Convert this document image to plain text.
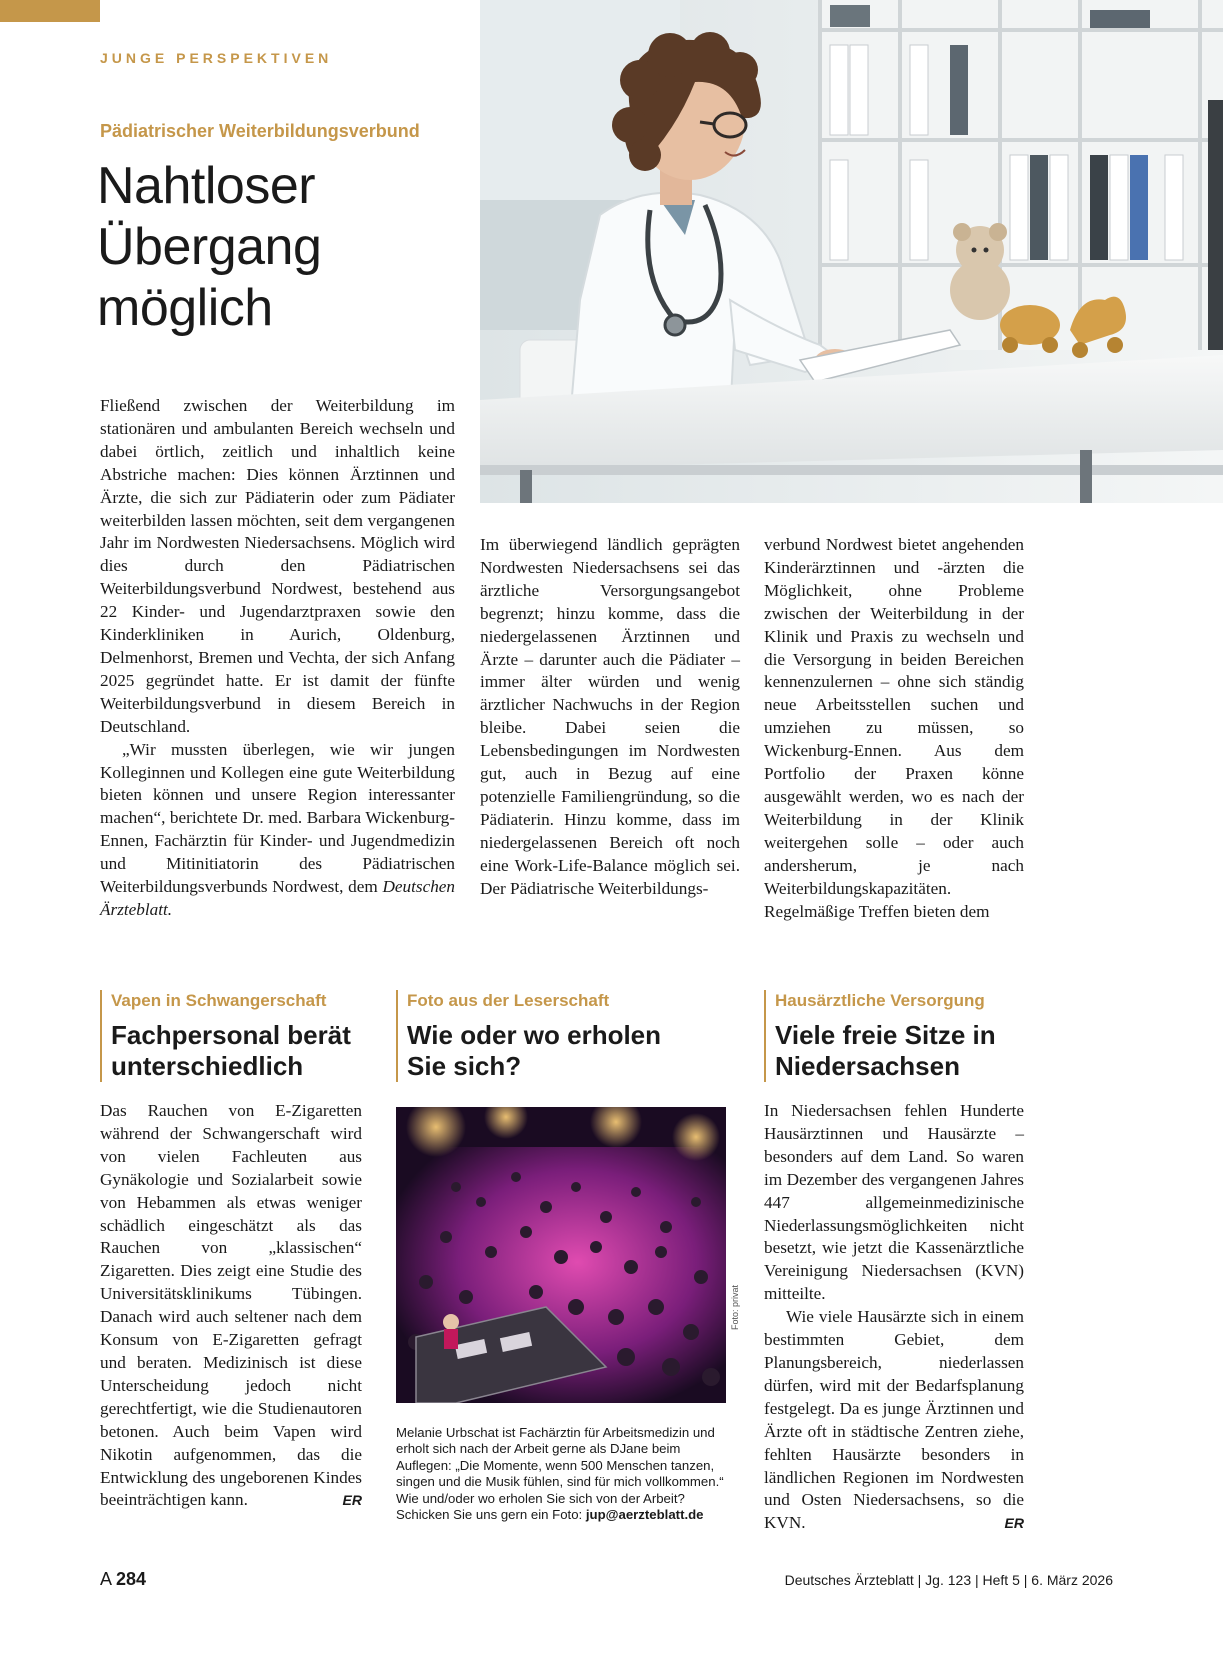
JUNGE PERSPEKTIVEN
Pädiatrischer Weiterbildungsverbund
Nahtloser
Übergang
möglich

Fließend zwischen der Weiterbildung im stationären und ambulanten Bereich wechseln und dabei örtlich, zeitlich und inhaltlich keine Abstriche machen: Dies können Ärztinnen und Ärzte, die sich zur Pädiaterin oder zum Pädiater weiterbilden lassen möchten, seit dem vergangenen Jahr im Nordwesten Niedersachsens. Möglich wird dies durch den Pädiatrischen Weiterbildungsverbund Nordwest, bestehend aus 22 Kinder- und Jugendarztpraxen sowie den Kinderkliniken in Aurich, Oldenburg, Delmenhorst, Bremen und Vechta, der sich Anfang 2025 gegründet hatte. Er ist damit der fünfte Weiterbildungsverbund in diesem Bereich in Deutschland.

„Wir mussten überlegen, wie wir jungen Kolleginnen und Kollegen eine gute Weiterbildung bieten können und unsere Region interessanter machen“, berichtete Dr. med. Barbara Wickenburg-Ennen, Fachärztin für Kinder- und Jugendmedizin und Mitinitiatorin des Pädiatrischen Weiterbildungsverbunds Nordwest, dem Deutschen Ärzteblatt.

Im überwiegend ländlich geprägten Nordwesten Niedersachsens sei das ärztliche Versorgungsangebot begrenzt; hinzu komme, dass die niedergelassenen Ärztinnen und Ärzte – darunter auch die Pädiater – immer älter würden und wenig ärztlicher Nachwuchs in der Region bleibe. Dabei seien die Lebensbedingungen im Nordwesten gut, auch in Bezug auf eine potenzielle Familiengründung, so die Pädiaterin. Hinzu komme, dass im niedergelassenen Bereich oft noch eine Work-Life-Balance möglich sei. Der Pädiatrische Weiterbildungs-

verbund Nordwest bietet angehenden Kinderärztinnen und -ärzten die Möglichkeit, ohne Probleme zwischen der Weiterbildung in der Klinik und Praxis zu wechseln und die Versorgung in beiden Bereichen kennenzulernen – ohne sich ständig neue Arbeitsstellen suchen und umziehen zu müssen, so Wickenburg-Ennen. Aus dem Portfolio der Praxen könne ausgewählt werden, wo es nach der Weiterbildung in der Klinik weitergehen solle – oder auch andersherum, je nach Weiterbildungskapazitäten. Regelmäßige Treffen bieten dem

Vapen in Schwangerschaft
Fachpersonal berät
unterschiedlich
Das Rauchen von E-Zigaretten während der Schwangerschaft wird von vielen Fachleuten aus Gynäkologie und Sozialarbeit sowie von Hebammen als etwas weniger schädlich eingeschätzt als das Rauchen von „klassischen“ Zigaretten. Dies zeigt eine Studie des Universitätsklinikums Tübingen. Danach wird auch seltener nach dem Konsum von E-Zigaretten gefragt und beraten. Medizinisch ist diese Unterscheidung jedoch nicht gerechtfertigt, wie die Studienautoren betonen. Auch beim Vapen wird Nikotin aufgenommen, das die Entwicklung des ungeborenen Kindes beeinträchtigen kann.	ER
Foto aus der Leserschaft
Wie oder wo erholen
Sie sich?
Foto: privat
Melanie Urbschat ist Fachärztin für Arbeitsmedizin und erholt sich nach der Arbeit gerne als DJane beim Auflegen: „Die Momente, wenn 500 Menschen tanzen, singen und die Musik fühlen, sind für mich vollkommen.“ Wie und/oder wo erholen Sie sich von der Arbeit? Schicken Sie uns gern ein Foto: jup@aerzteblatt.de
Hausärztliche Versorgung
Viele freie Sitze in
Niedersachsen

In Niedersachsen fehlen Hunderte Hausärztinnen und Hausärzte – besonders auf dem Land. So waren im Dezember des vergangenen Jahres 447 allgemeinmedizinische Niederlassungsmöglichkeiten nicht besetzt, wie jetzt die Kassenärztliche Vereinigung Niedersachsen (KVN) mitteilte.

Wie viele Hausärzte sich in einem bestimmten Gebiet, dem Planungsbereich, niederlassen dürfen, wird mit der Bedarfsplanung festgelegt. Da es junge Ärztinnen und Ärzte oft in städtische Zentren ziehe, fehlten Hausärzte besonders in ländlichen Regionen im Nordwesten und Osten Niedersachsens, so die KVN.	ER

A 284	Deutsches Ärzteblatt | Jg. 123 | Heft 5 | 6. März 2026
